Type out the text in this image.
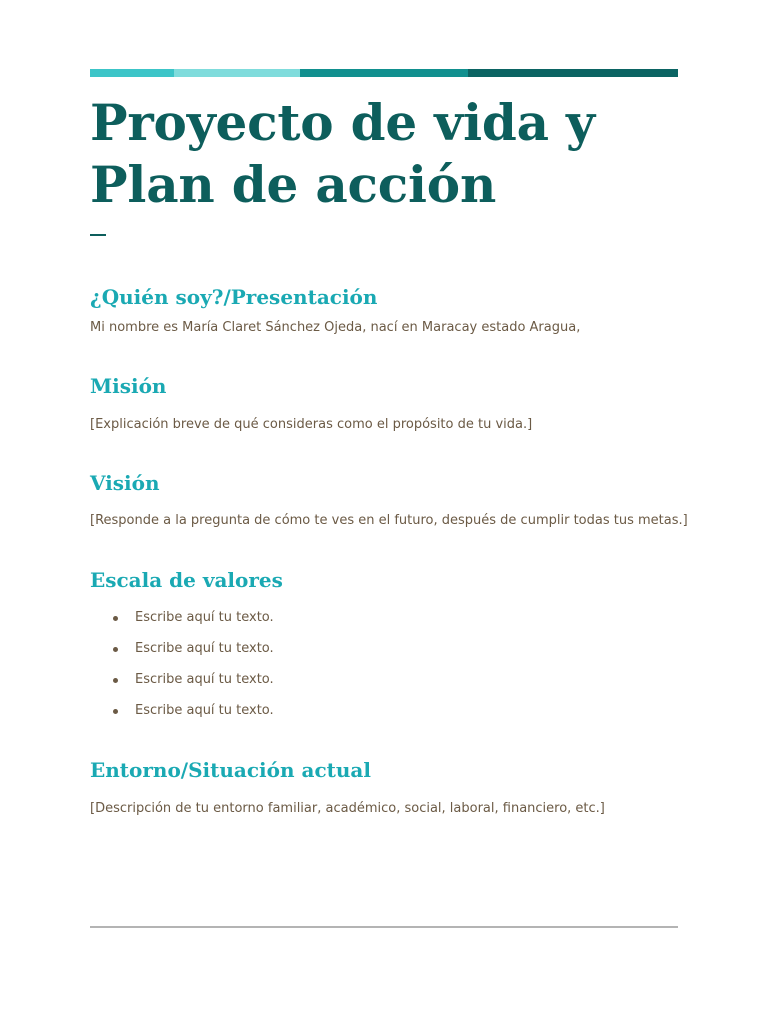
Proyecto de vida y Plan de acción
¿Quién soy?/Presentación

Mi nombre es María Claret Sánchez Ojeda, nací en Maracay estado Aragua,

Misión

[Explicación breve de qué consideras como el propósito de tu vida.]

Visión

[Responde a la pregunta de cómo te ves en el futuro, después de cumplir todas tus metas.]

Escala de valores
Escribe aquí tu texto.
Escribe aquí tu texto.
Escribe aquí tu texto.
Escribe aquí tu texto.
Entorno/Situación actual

[Descripción de tu entorno familiar, académico, social, laboral, financiero, etc.]
